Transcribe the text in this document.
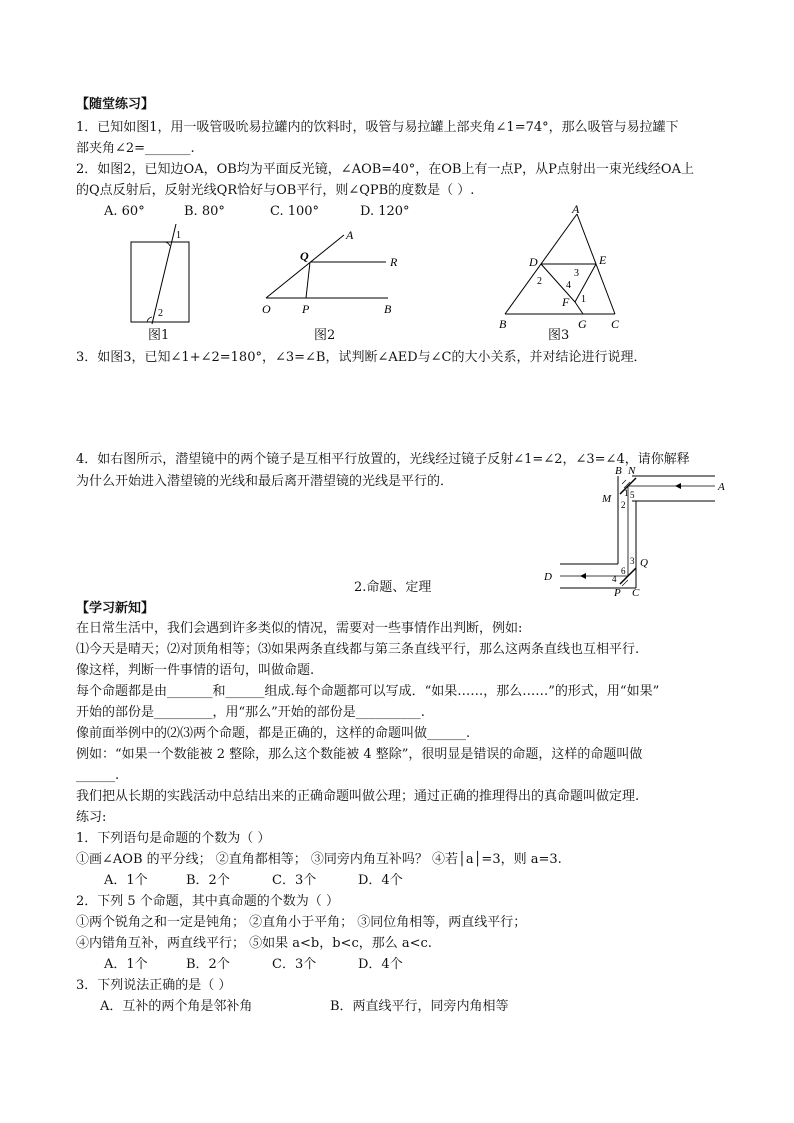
【随堂练习】
1．已知如图1，用一吸管吸吮易拉罐内的饮料时，吸管与易拉罐上部夹角∠1=74°，那么吸管与易拉罐下
部夹角∠2=_______.
2．如图2，已知边OA，OB均为平面反光镜，∠AOB=40°，在OB上有一点P，从P点射出一束光线经OA上
的Q点反射后，反射光线QR恰好与OB平行，则∠QPB的度数是（ ）.
A. 60°	B. 80°	C. 100°	D. 120°
1
2
图1
Q
A
R
O	P	B
图2
A
D	E
B	G C
F 1
2
3
4
图3
3．如图3，已知∠1+∠2=180°，∠3=∠B，试判断∠AED与∠C的大小关系，并对结论进行说理．
4．如右图所示，潜望镜中的两个镜子是互相平行放置的，光线经过镜子反射∠1=∠2，∠3=∠4，请你解释
为什么开始进入潜望镜的光线和最后离开潜望镜的光线是平行的．
B N
A
M 1
2
5
3 Q
D	6
4
P C
2.命题、定理
【学习新知】
在日常生活中，我们会遇到许多类似的情况，需要对一些事情作出判断，例如:
⑴今天是晴天；⑵对顶角相等；⑶如果两条直线都与第三条直线平行，那么这两条直线也互相平行.
像这样，判断一件事情的语句，叫做命题.
每个命题都是由_______和______组成.每个命题都可以写成．“如果……，那么……”的形式，用“如果”
开始的部份是_________，用“那么”开始的部份是__________.
像前面举例中的⑵⑶两个命题，都是正确的，这样的命题叫做______.
例如：“如果一个数能被 2 整除，那么这个数能被 4 整除”，很明显是错误的命题，这样的命题叫做
______.
我们把从长期的实践活动中总结出来的正确命题叫做公理；通过正确的推理得出的真命题叫做定理.
练习:
1．下列语句是命题的个数为（ ）
①画∠AOB 的平分线； ②直角都相等； ③同旁内角互补吗？ ④若│a│=3，则 a=3.
A．1个	B．2个	C．3个	D．4个
2．下列 5 个命题，其中真命题的个数为（ ）
①两个锐角之和一定是钝角； ②直角小于平角； ③同位角相等，两直线平行；
④内错角互补，两直线平行； ⑤如果 a<b，b<c，那么 a<c.
A．1个	B．2个	C．3个	D．4个
3．下列说法正确的是（ ）
A．互补的两个角是邻补角	B．两直线平行，同旁内角相等
